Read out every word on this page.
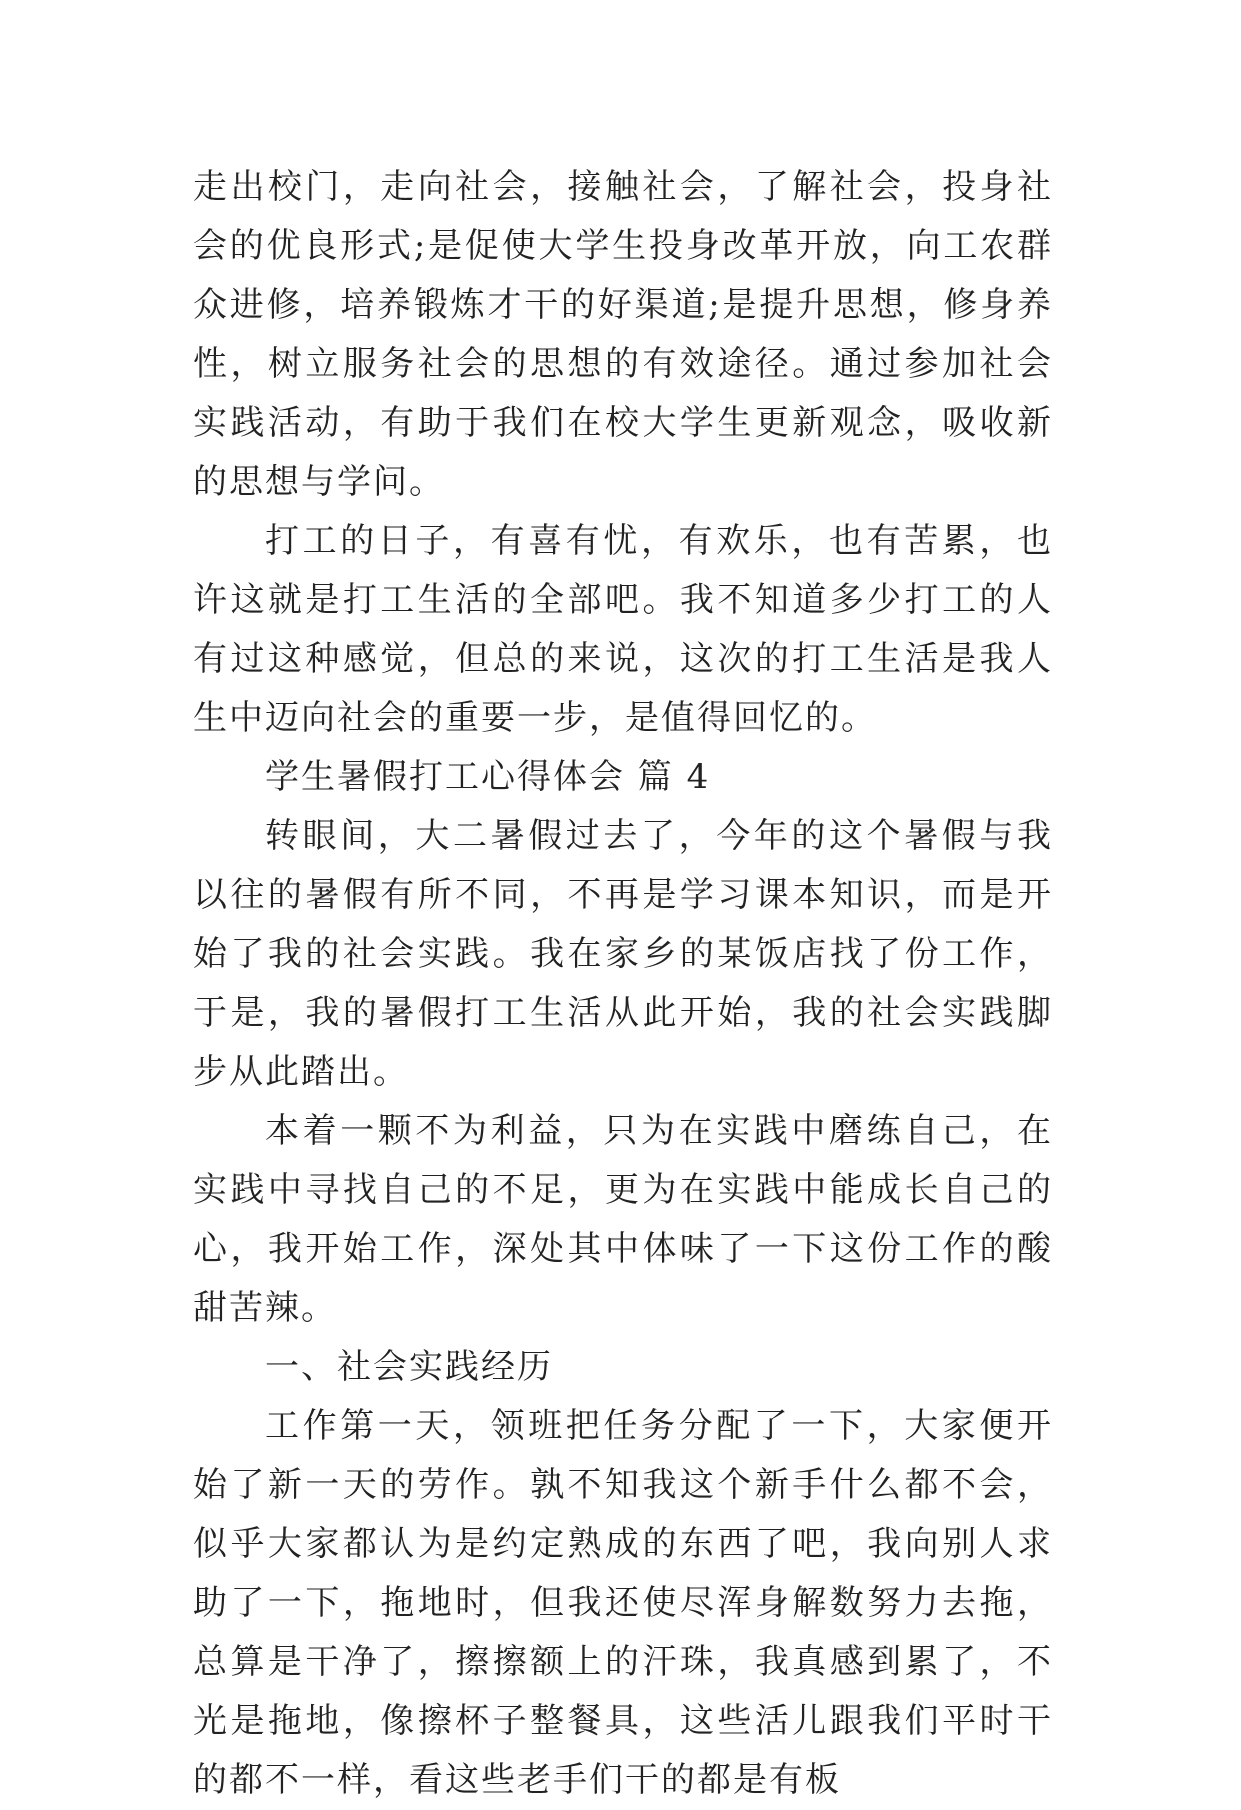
走出校门，走向社会，接触社会，了解社会，投身社会的优良形式;是促使大学生投身改革开放，向工农群众进修，培养锻炼才干的好渠道;是提升思想，修身养性，树立服务社会的思想的有效途径。通过参加社会实践活动，有助于我们在校大学生更新观念，吸收新的思想与学问。

打工的日子，有喜有忧，有欢乐，也有苦累，也许这就是打工生活的全部吧。我不知道多少打工的人有过这种感觉，但总的来说，这次的打工生活是我人生中迈向社会的重要一步，是值得回忆的。

学生暑假打工心得体会 篇 4

转眼间，大二暑假过去了，今年的这个暑假与我以往的暑假有所不同，不再是学习课本知识，而是开始了我的社会实践。我在家乡的某饭店找了份工作，于是，我的暑假打工生活从此开始，我的社会实践脚步从此踏出。

本着一颗不为利益，只为在实践中磨练自己，在实践中寻找自己的不足，更为在实践中能成长自己的心，我开始工作，深处其中体味了一下这份工作的酸甜苦辣。

一、社会实践经历

工作第一天，领班把任务分配了一下，大家便开始了新一天的劳作。孰不知我这个新手什么都不会，似乎大家都认为是约定熟成的东西了吧，我向别人求助了一下，拖地时，但我还使尽浑身解数努力去拖，总算是干净了，擦擦额上的汗珠，我真感到累了，不光是拖地，像擦杯子整餐具，这些活儿跟我们平时干的都不一样，看这些老手们干的都是有板
